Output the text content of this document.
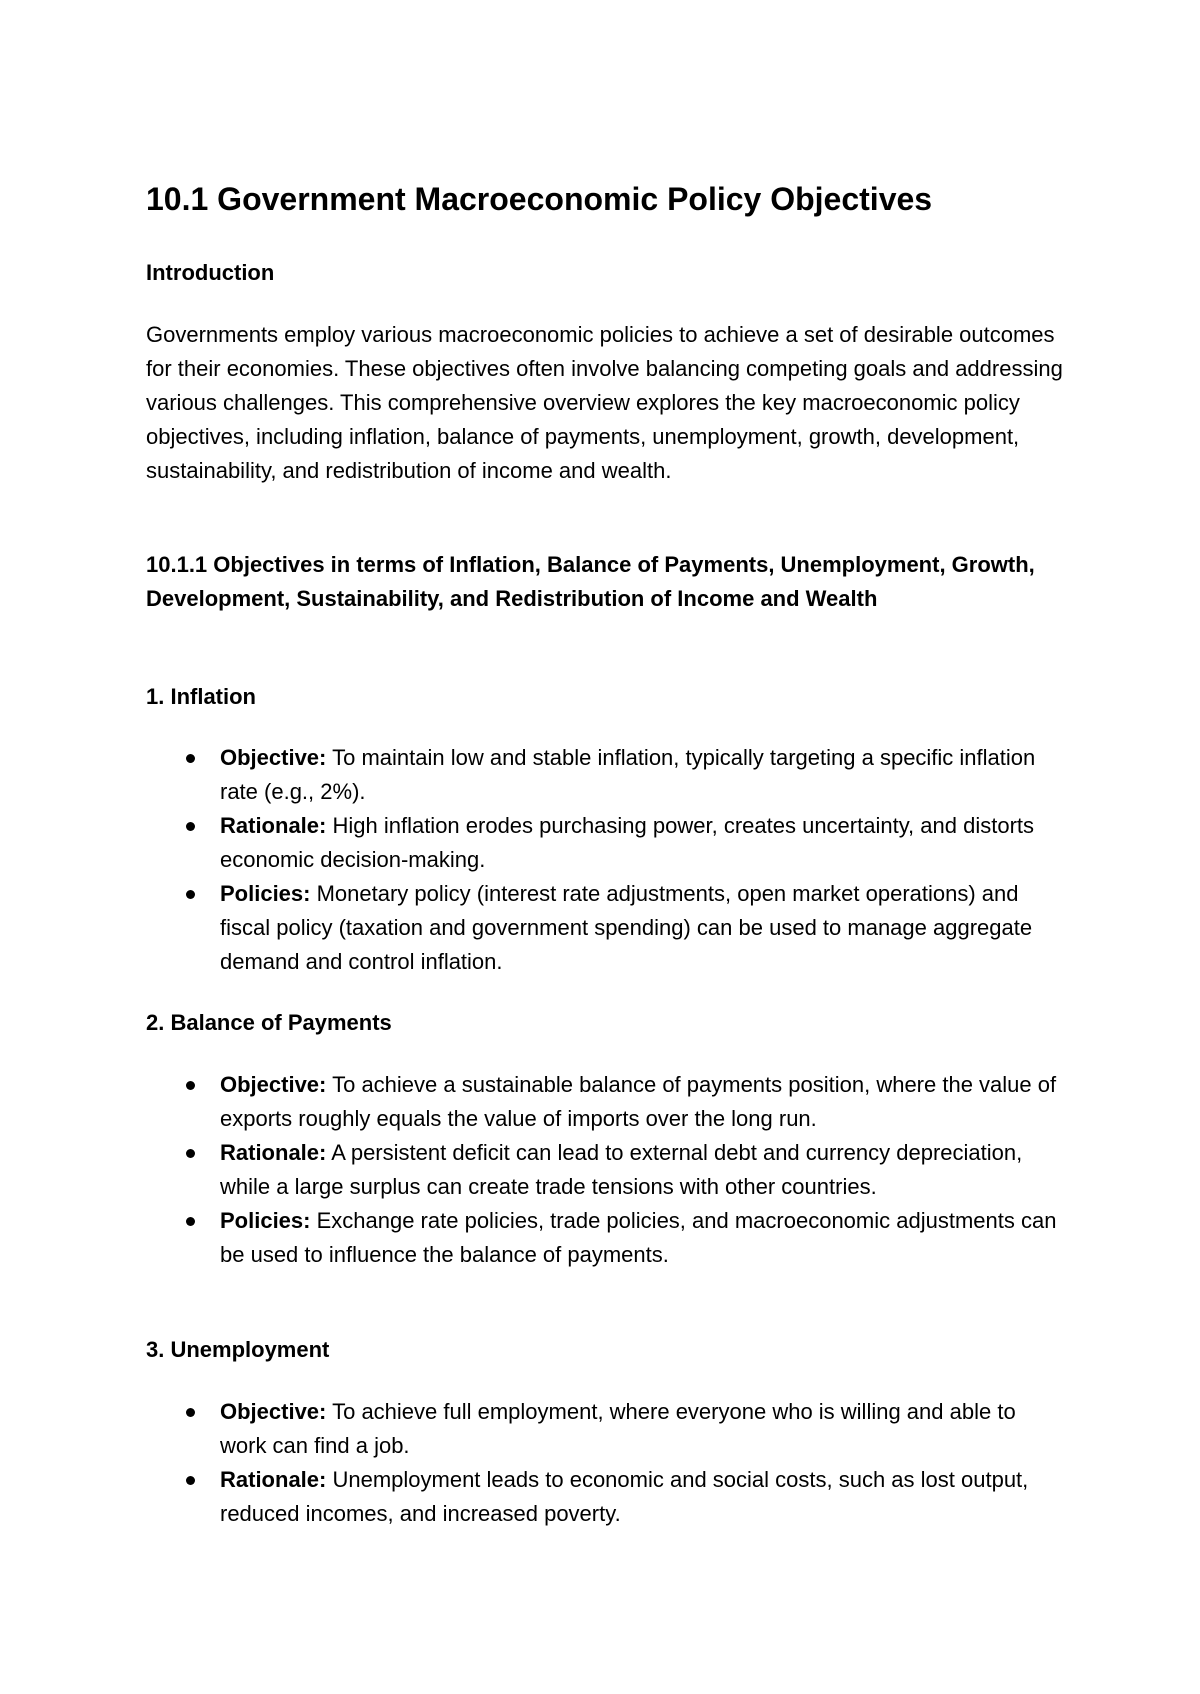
10.1 Government Macroeconomic Policy Objectives

Introduction

Governments employ various macroeconomic policies to achieve a set of desirable outcomes for their economies. These objectives often involve balancing competing goals and addressing various challenges. This comprehensive overview explores the key macroeconomic policy objectives, including inflation, balance of payments, unemployment, growth, development, sustainability, and redistribution of income and wealth.

10.1.1 Objectives in terms of Inflation, Balance of Payments, Unemployment, Growth, Development, Sustainability, and Redistribution of Income and Wealth

1. Inflation

Objective: To maintain low and stable inflation, typically targeting a specific inflation rate (e.g., 2%).
Rationale: High inflation erodes purchasing power, creates uncertainty, and distorts economic decision-making.
Policies: Monetary policy (interest rate adjustments, open market operations) and fiscal policy (taxation and government spending) can be used to manage aggregate demand and control inflation.

2. Balance of Payments

Objective: To achieve a sustainable balance of payments position, where the value of exports roughly equals the value of imports over the long run.
Rationale: A persistent deficit can lead to external debt and currency depreciation, while a large surplus can create trade tensions with other countries.
Policies: Exchange rate policies, trade policies, and macroeconomic adjustments can be used to influence the balance of payments.

3. Unemployment

Objective: To achieve full employment, where everyone who is willing and able to work can find a job.
Rationale: Unemployment leads to economic and social costs, such as lost output, reduced incomes, and increased poverty.
